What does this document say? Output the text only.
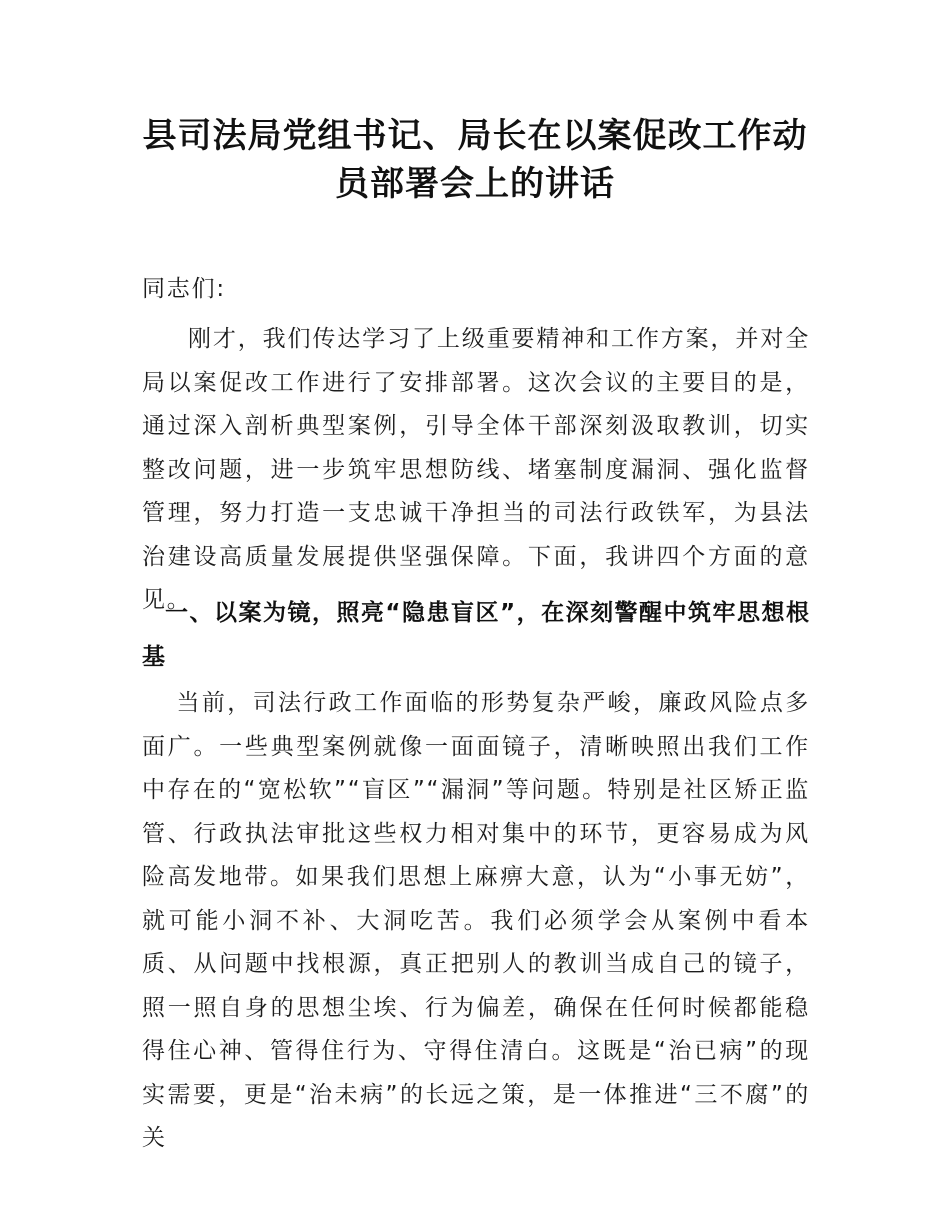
县司法局党组书记、局长在以案促改工作动员部署会上的讲话

同志们:

刚才，我们传达学习了上级重要精神和工作方案，并对全局以案促改工作进行了安排部署。这次会议的主要目的是，通过深入剖析典型案例，引导全体干部深刻汲取教训，切实整改问题，进一步筑牢思想防线、堵塞制度漏洞、强化监督管理，努力打造一支忠诚干净担当的司法行政铁军，为县法治建设高质量发展提供坚强保障。下面，我讲四个方面的意见。

一、以案为镜，照亮“隐患盲区”，在深刻警醒中筑牢思想根基

当前，司法行政工作面临的形势复杂严峻，廉政风险点多面广。一些典型案例就像一面面镜子，清晰映照出我们工作中存在的“宽松软”“盲区”“漏洞”等问题。特别是社区矫正监管、行政执法审批这些权力相对集中的环节，更容易成为风险高发地带。如果我们思想上麻痹大意，认为“小事无妨”，就可能小洞不补、大洞吃苦。我们必须学会从案例中看本质、从问题中找根源，真正把别人的教训当成自己的镜子，照一照自身的思想尘埃、行为偏差，确保在任何时候都能稳得住心神、管得住行为、守得住清白。这既是“治已病”的现实需要，更是“治未病”的长远之策，是一体推进“三不腐”的关
